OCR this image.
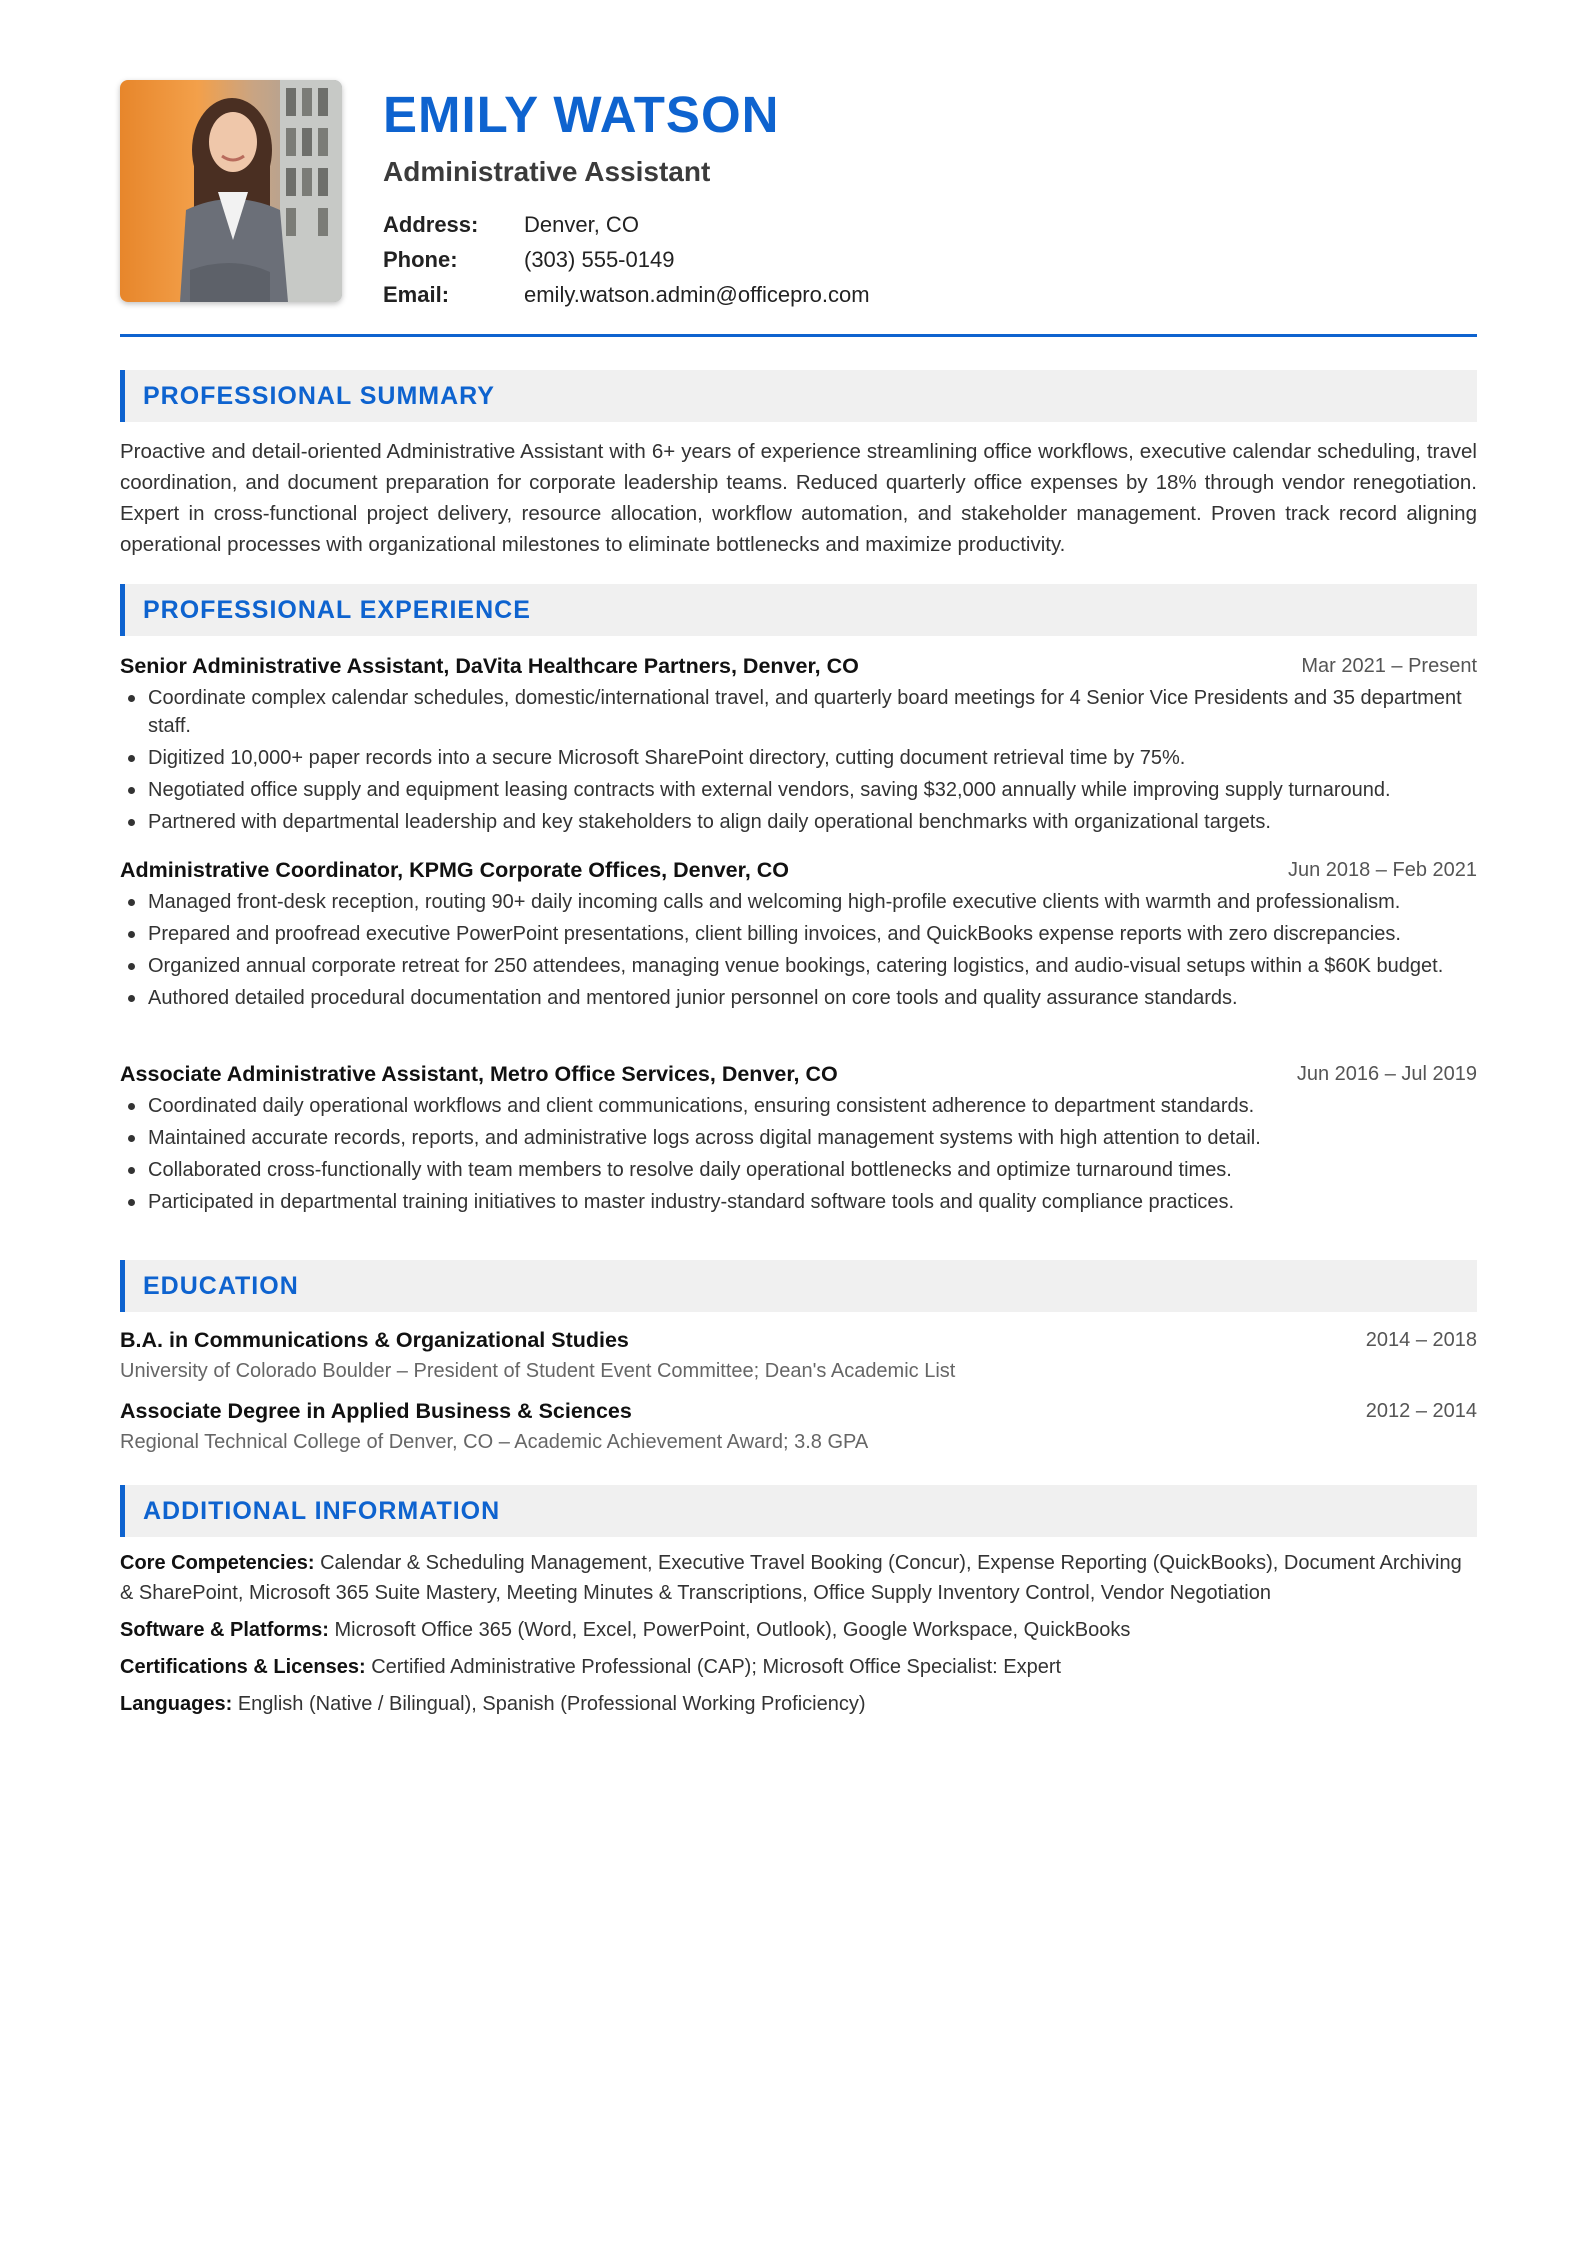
EMILY WATSON
Administrative Assistant
Address:	Denver, CO
Phone:	(303) 555-0149
Email:	emily.watson.admin@officepro.com
PROFESSIONAL SUMMARY

Proactive and detail-oriented Administrative Assistant with 6+ years of experience streamlining office workflows, executive calendar scheduling, travel coordination, and document preparation for corporate leadership teams. Reduced quarterly office expenses by 18% through vendor renegotiation. Expert in cross-functional project delivery, resource allocation, workflow automation, and stakeholder management. Proven track record aligning operational processes with organizational milestones to eliminate bottlenecks and maximize productivity.

PROFESSIONAL EXPERIENCE
Senior Administrative Assistant, DaVita Healthcare Partners, Denver, CO	Mar 2021 – Present
Coordinate complex calendar schedules, domestic/international travel, and quarterly board meetings for 4 Senior Vice Presidents and 35 department staff.
Digitized 10,000+ paper records into a secure Microsoft SharePoint directory, cutting document retrieval time by 75%.
Negotiated office supply and equipment leasing contracts with external vendors, saving $32,000 annually while improving supply turnaround.
Partnered with departmental leadership and key stakeholders to align daily operational benchmarks with organizational targets.
Administrative Coordinator, KPMG Corporate Offices, Denver, CO	Jun 2018 – Feb 2021
Managed front-desk reception, routing 90+ daily incoming calls and welcoming high-profile executive clients with warmth and professionalism.
Prepared and proofread executive PowerPoint presentations, client billing invoices, and QuickBooks expense reports with zero discrepancies.
Organized annual corporate retreat for 250 attendees, managing venue bookings, catering logistics, and audio-visual setups within a $60K budget.
Authored detailed procedural documentation and mentored junior personnel on core tools and quality assurance standards.
Associate Administrative Assistant, Metro Office Services, Denver, CO	Jun 2016 – Jul 2019
Coordinated daily operational workflows and client communications, ensuring consistent adherence to department standards.
Maintained accurate records, reports, and administrative logs across digital management systems with high attention to detail.
Collaborated cross-functionally with team members to resolve daily operational bottlenecks and optimize turnaround times.
Participated in departmental training initiatives to master industry-standard software tools and quality compliance practices.
EDUCATION
B.A. in Communications & Organizational Studies	2014 – 2018
University of Colorado Boulder – President of Student Event Committee; Dean's Academic List
Associate Degree in Applied Business & Sciences	2012 – 2014
Regional Technical College of Denver, CO – Academic Achievement Award; 3.8 GPA
ADDITIONAL INFORMATION
Core Competencies: Calendar & Scheduling Management, Executive Travel Booking (Concur), Expense Reporting (QuickBooks), Document Archiving & SharePoint, Microsoft 365 Suite Mastery, Meeting Minutes & Transcriptions, Office Supply Inventory Control, Vendor Negotiation
Software & Platforms: Microsoft Office 365 (Word, Excel, PowerPoint, Outlook), Google Workspace, QuickBooks
Certifications & Licenses: Certified Administrative Professional (CAP); Microsoft Office Specialist: Expert
Languages: English (Native / Bilingual), Spanish (Professional Working Proficiency)
